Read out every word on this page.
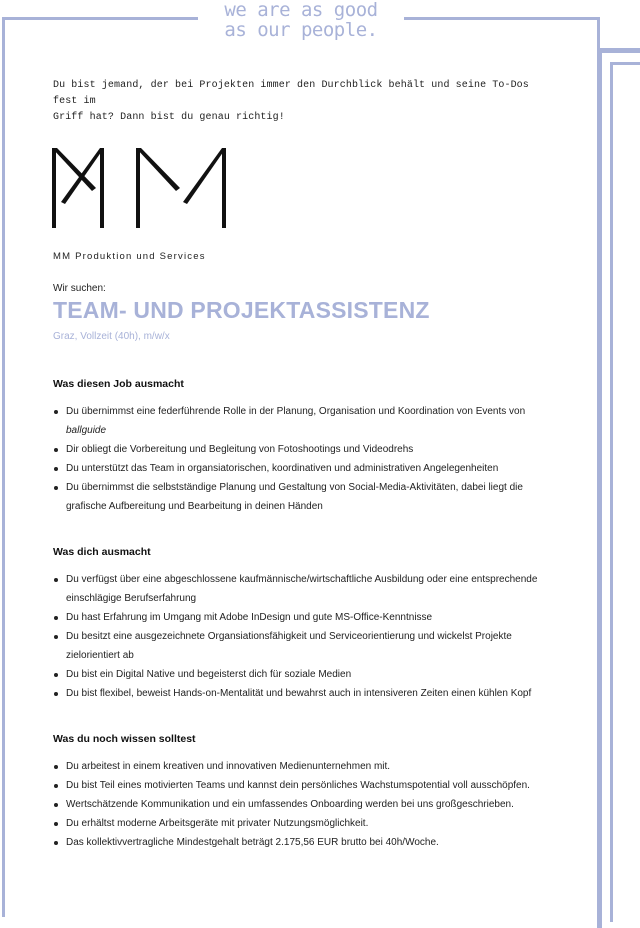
we are as good
as our people.
Du bist jemand, der bei Projekten immer den Durchblick behält und seine To-Dos fest im
Griff hat? Dann bist du genau richtig!
MM Produktion und Services
Wir suchen:
TEAM- UND PROJEKTASSISTENZ
Graz, Vollzeit (40h), m/w/x
Was diesen Job ausmacht
Du übernimmst eine federführende Rolle in der Planung, Organisation und Koordination von Events von
ballguide
Dir obliegt die Vorbereitung und Begleitung von Fotoshootings und Videodrehs
Du unterstützt das Team in organsiatorischen, koordinativen und administrativen Angelegenheiten
Du übernimmst die selbstständige Planung und Gestaltung von Social-Media-Aktivitäten, dabei liegt die grafische Aufbereitung und Bearbeitung in deinen Händen
Was dich ausmacht
Du verfügst über eine abgeschlossene kaufmännische/wirtschaftliche Ausbildung oder eine entsprechende einschlägige Berufserfahrung
Du hast Erfahrung im Umgang mit Adobe InDesign und gute MS-Office-Kenntnisse
Du besitzt eine ausgezeichnete Organsiationsfähigkeit und Serviceorientierung und wickelst Projekte zielorientiert ab
Du bist ein Digital Native und begeisterst dich für soziale Medien
Du bist flexibel, beweist Hands-on-Mentalität und bewahrst auch in intensiveren Zeiten einen kühlen Kopf
Was du noch wissen solltest
Du arbeitest in einem kreativen und innovativen Medienunternehmen mit.
Du bist Teil eines motivierten Teams und kannst dein persönliches Wachstumspotential voll ausschöpfen.
Wertschätzende Kommunikation und ein umfassendes Onboarding werden bei uns großgeschrieben.
Du erhältst moderne Arbeitsgeräte mit privater Nutzungsmöglichkeit.
Das kollektivvertragliche Mindestgehalt beträgt 2.175,56 EUR brutto bei 40h/Woche.
